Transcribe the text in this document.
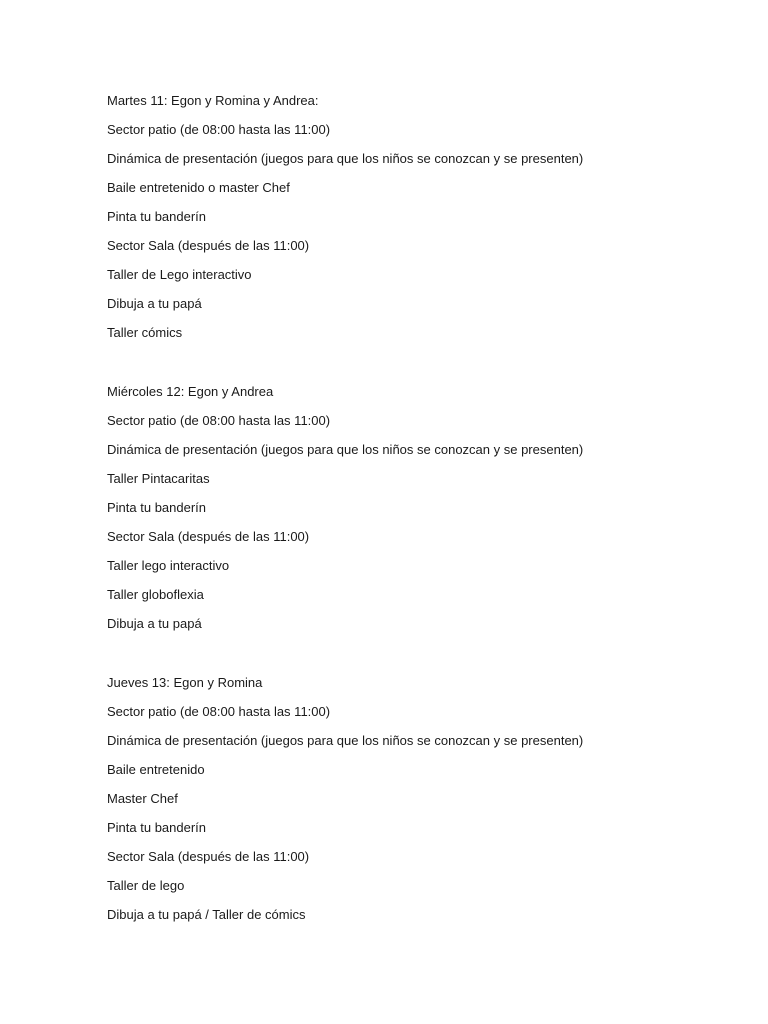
Martes 11: Egon y Romina y Andrea:
Sector patio (de 08:00 hasta las 11:00)
Dinámica de presentación (juegos para que los niños se conozcan y se presenten)
Baile entretenido o master Chef
Pinta tu banderín
Sector Sala (después de las 11:00)
Taller de Lego interactivo
Dibuja a tu papá
Taller cómics
Miércoles 12: Egon y Andrea
Sector patio (de 08:00 hasta las 11:00)
Dinámica de presentación (juegos para que los niños se conozcan y se presenten)
Taller Pintacaritas
Pinta tu banderín
Sector Sala (después de las 11:00)
Taller lego interactivo
Taller globoflexia
Dibuja a tu papá
Jueves 13: Egon y Romina
Sector patio (de 08:00 hasta las 11:00)
Dinámica de presentación (juegos para que los niños se conozcan y se presenten)
Baile entretenido
Master Chef
Pinta tu banderín
Sector Sala (después de las 11:00)
Taller de lego
Dibuja a tu papá / Taller de cómics
